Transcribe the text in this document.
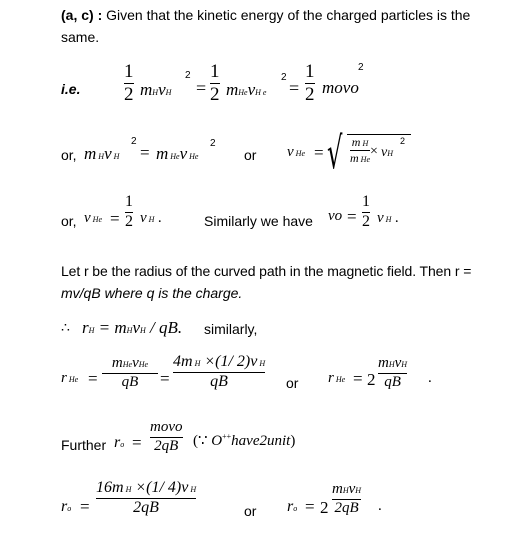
(a, c) : Given that the kinetic energy of the charged particles is the
same.
i.e.
1
2 mHvH
2
=
1
2 mHevH e
2
=
1
2 movo
2
or, m Hv H
2
= m Hev He
2
or v He = √ m H
m He
× vH
2
or, v He =
1
2 v H .	Similarly we have vo =
1
2 v H .
Let r be the radius of the curved path in the magnetic field. Then r =
mv/qB where q is the charge.
∴ rH = mHvH / qB. similarly,
r He =
mHevHe
qB =
4m H ×(1/ 2)v H
qB	or r He = 2
mHvH
qB .
Further ro =
movo
2qB (∵ O++have2unit)
ro =
16m H ×(1/ 4)v H
2qB	or ro = 2
mHvH
2qB .
